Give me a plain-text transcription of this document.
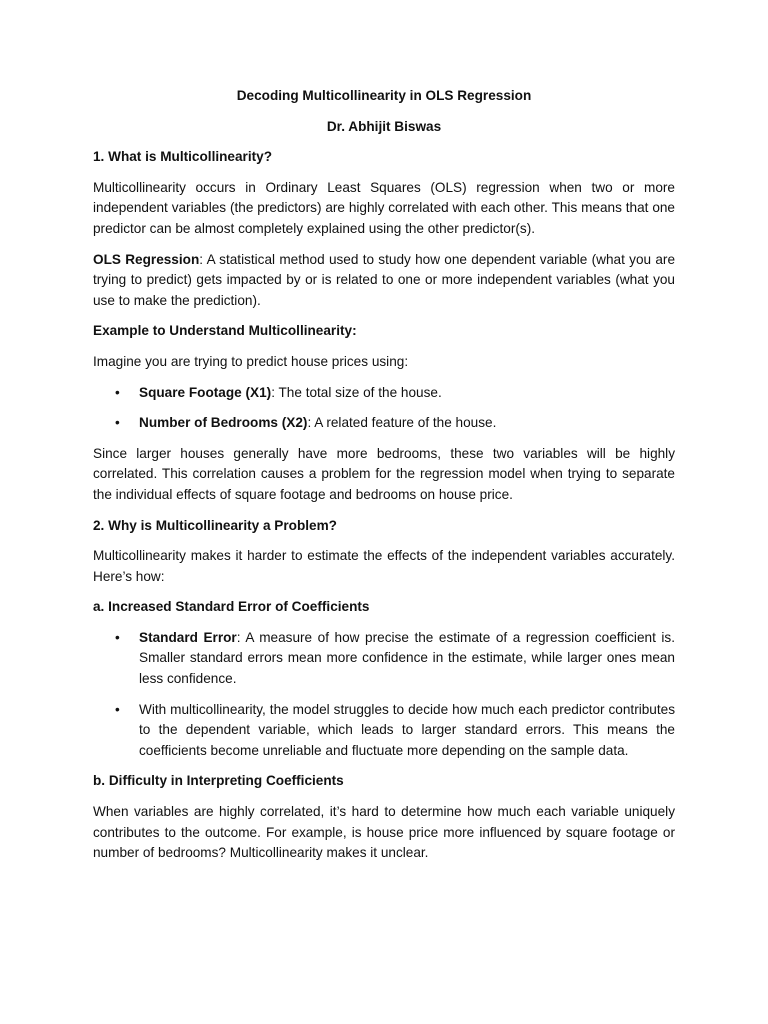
Decoding Multicollinearity in OLS Regression

Dr. Abhijit Biswas

1. What is Multicollinearity?

Multicollinearity occurs in Ordinary Least Squares (OLS) regression when two or more independent variables (the predictors) are highly correlated with each other. This means that one predictor can be almost completely explained using the other predictor(s).

OLS Regression: A statistical method used to study how one dependent variable (what you are trying to predict) gets impacted by or is related to one or more independent variables (what you use to make the prediction).

Example to Understand Multicollinearity:

Imagine you are trying to predict house prices using:

• Square Footage (X1): The total size of the house.
• Number of Bedrooms (X2): A related feature of the house.

Since larger houses generally have more bedrooms, these two variables will be highly correlated. This correlation causes a problem for the regression model when trying to separate the individual effects of square footage and bedrooms on house price.

2. Why is Multicollinearity a Problem?

Multicollinearity makes it harder to estimate the effects of the independent variables accurately. Here’s how:

a. Increased Standard Error of Coefficients
• Standard Error: A measure of how precise the estimate of a regression coefficient is. Smaller standard errors mean more confidence in the estimate, while larger ones mean less confidence.
• With multicollinearity, the model struggles to decide how much each predictor contributes to the dependent variable, which leads to larger standard errors. This means the coefficients become unreliable and fluctuate more depending on the sample data.
b. Difficulty in Interpreting Coefficients

When variables are highly correlated, it’s hard to determine how much each variable uniquely contributes to the outcome. For example, is house price more influenced by square footage or number of bedrooms? Multicollinearity makes it unclear.
